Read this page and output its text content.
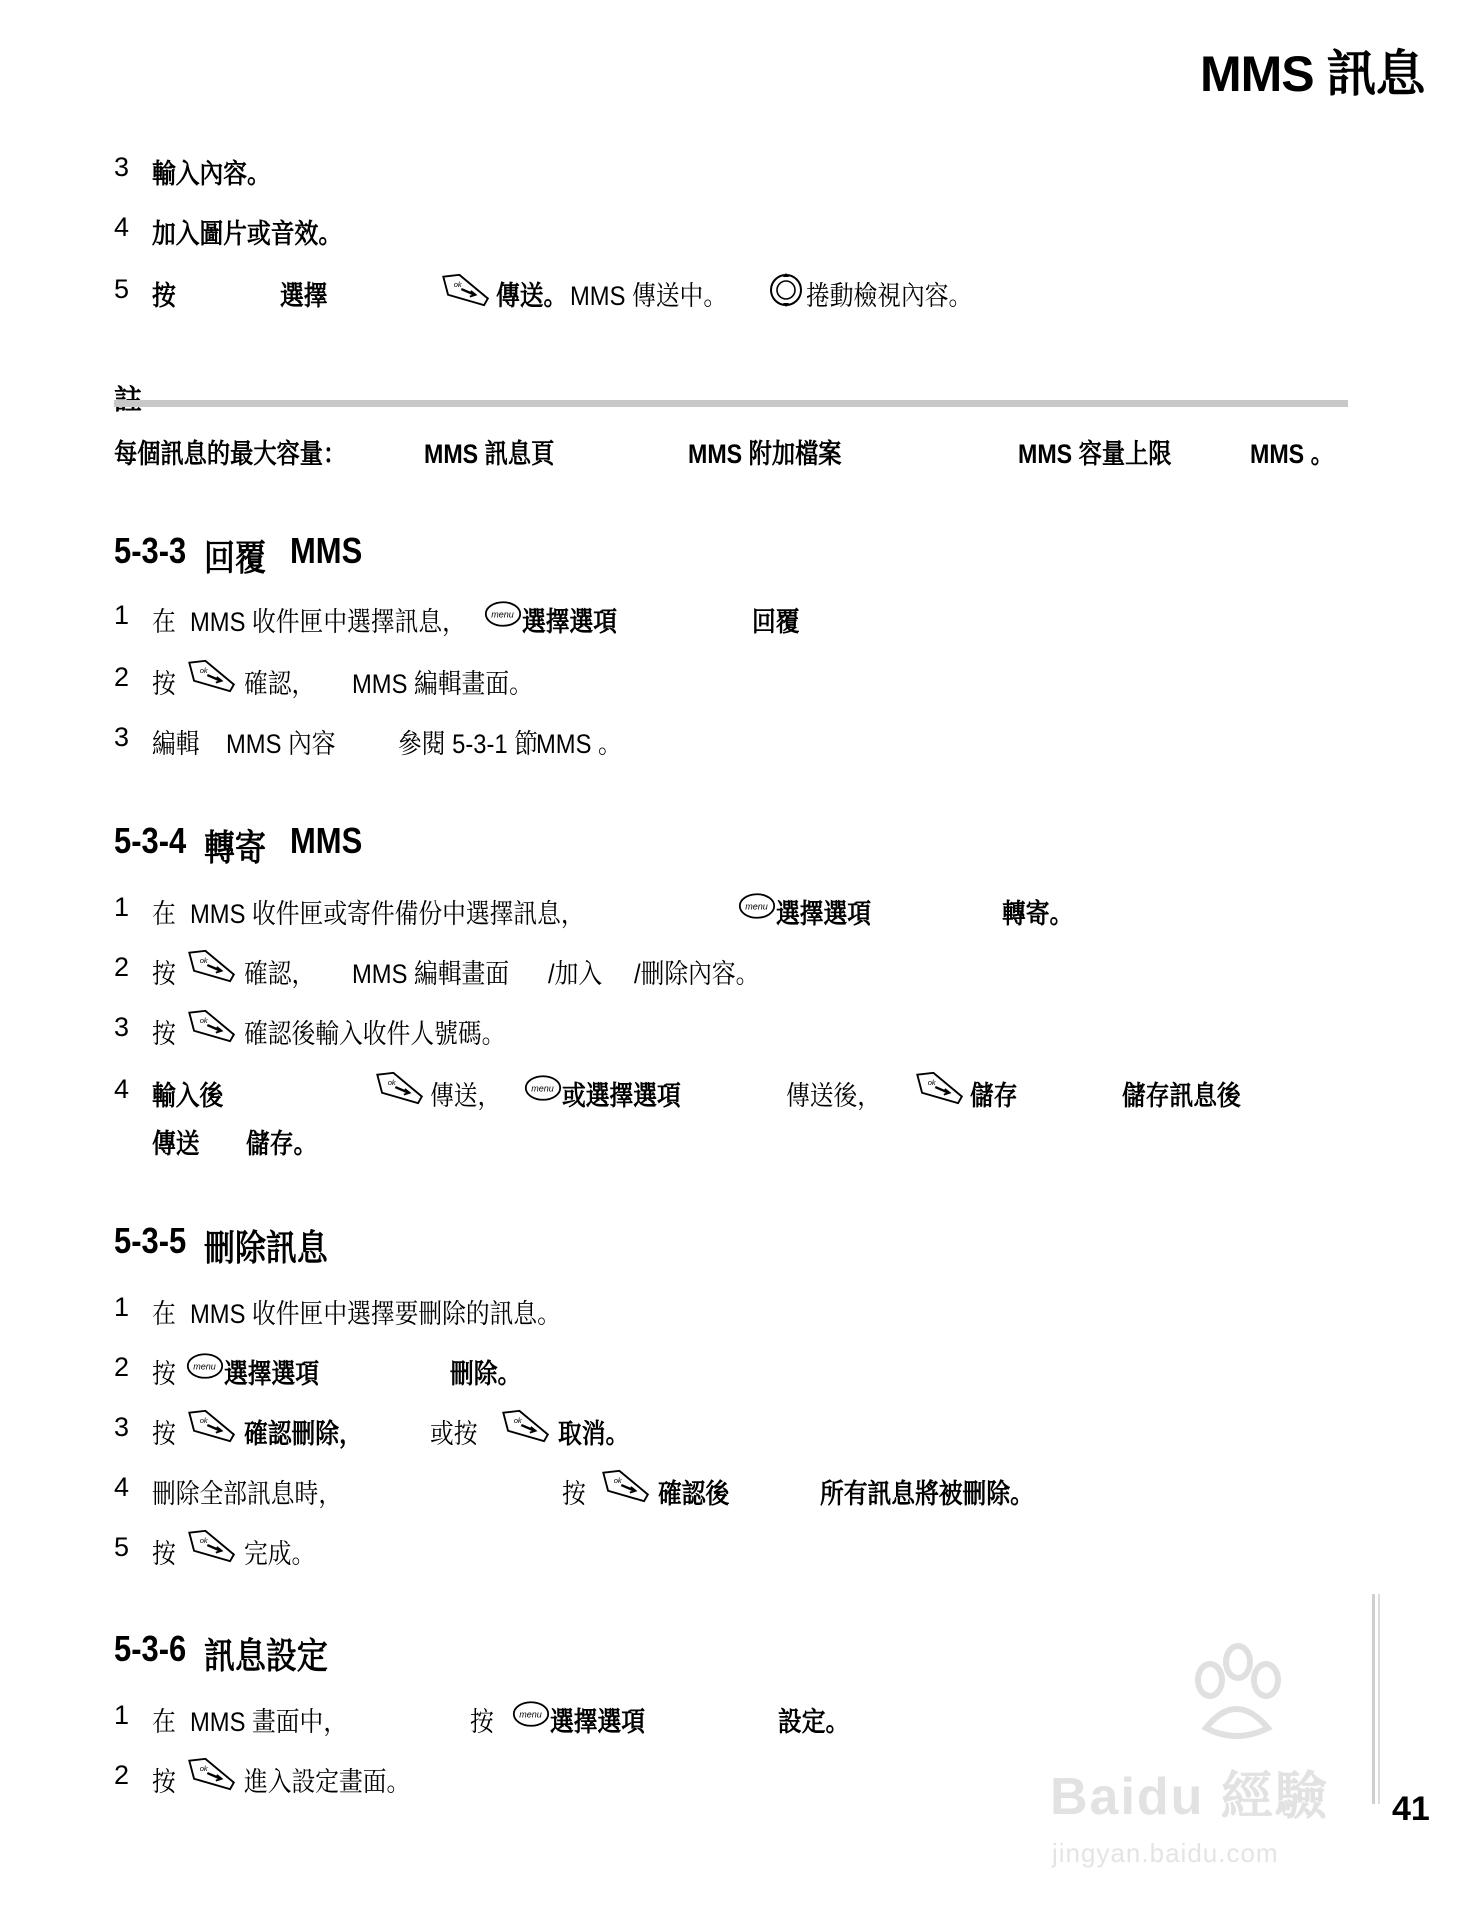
MMS 訊息
3 輸入內容。
4 加入圖片或音效。
5 按	選擇	傳送。 MMS 傳送中。	捲動檢視內容。
每個訊息的最大容量：	MMS 訊息頁	MMS 附加檔案	MMS 容量上限	MMS 。
5-3-3 回覆 MMS
1 在 MMS 收件匣中選擇訊息， 選擇選項	回覆
2 按	確認， MMS 編輯畫面。
3 編輯 MMS 內容 參閱 5-3-1 節
MMS 。
5-3-4 轉寄 MMS
1 在 MMS 收件匣或寄件備份中選擇訊息，	選擇選項	轉寄。
2 按	確認， MMS 編輯畫面 /加入 /刪除內容。
3 按	確認後輸入收件人號碼。
4 輸入後	傳送， 或選擇選項	傳送後，	儲存	儲存訊息後
傳送 儲存。
5-3-5 刪除訊息
1 在 MMS 收件匣中選擇要刪除的訊息。
2 按 選擇選項	刪除。
3 按	確認刪除， 或按	取消。
4 刪除全部訊息時，	按	確認後	所有訊息將被刪除。
5 按	完成。
5-3-6 訊息設定
1 在 MMS 畫面中，	按 選擇選項	設定。
2 按	進入設定畫面。	Bai​du 經驗
jingyan.baidu.com
41
